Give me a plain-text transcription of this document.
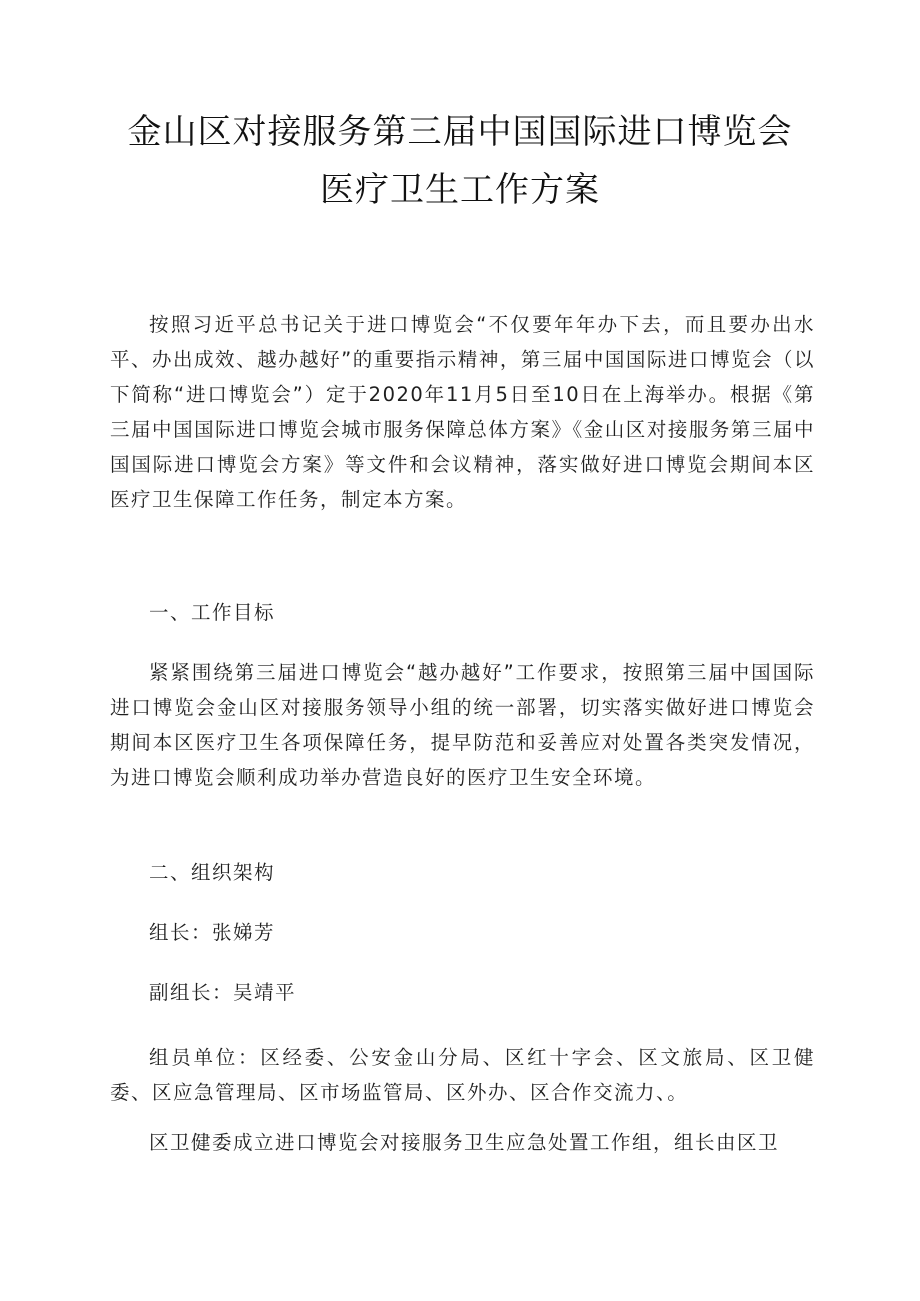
金山区对接服务第三届中国国际进口博览会
医疗卫生工作方案

按照习近平总书记关于进口博览会“不仅要年年办下去，而且要办出水平、办出成效、越办越好”的重要指示精神，第三届中国国际进口博览会（以下简称“进口博览会”）定于2020年11月5日至10日在上海举办。根据《第三届中国国际进口博览会城市服务保障总体方案》《金山区对接服务第三届中国国际进口博览会方案》等文件和会议精神，落实做好进口博览会期间本区医疗卫生保障工作任务，制定本方案。

一、工作目标

紧紧围绕第三届进口博览会“越办越好”工作要求，按照第三届中国国际进口博览会金山区对接服务领导小组的统一部署，切实落实做好进口博览会期间本区医疗卫生各项保障任务，提早防范和妥善应对处置各类突发情况，为进口博览会顺利成功举办营造良好的医疗卫生安全环境。

二、组织架构

组长：张娣芳

副组长：吴靖平

组员单位：区经委、公安金山分局、区红十字会、区文旅局、区卫健委、区应急管理局、区市场监管局、区外办、区合作交流力、。

区卫健委成立进口博览会对接服务卫生应急处置工作组，组长由区卫
